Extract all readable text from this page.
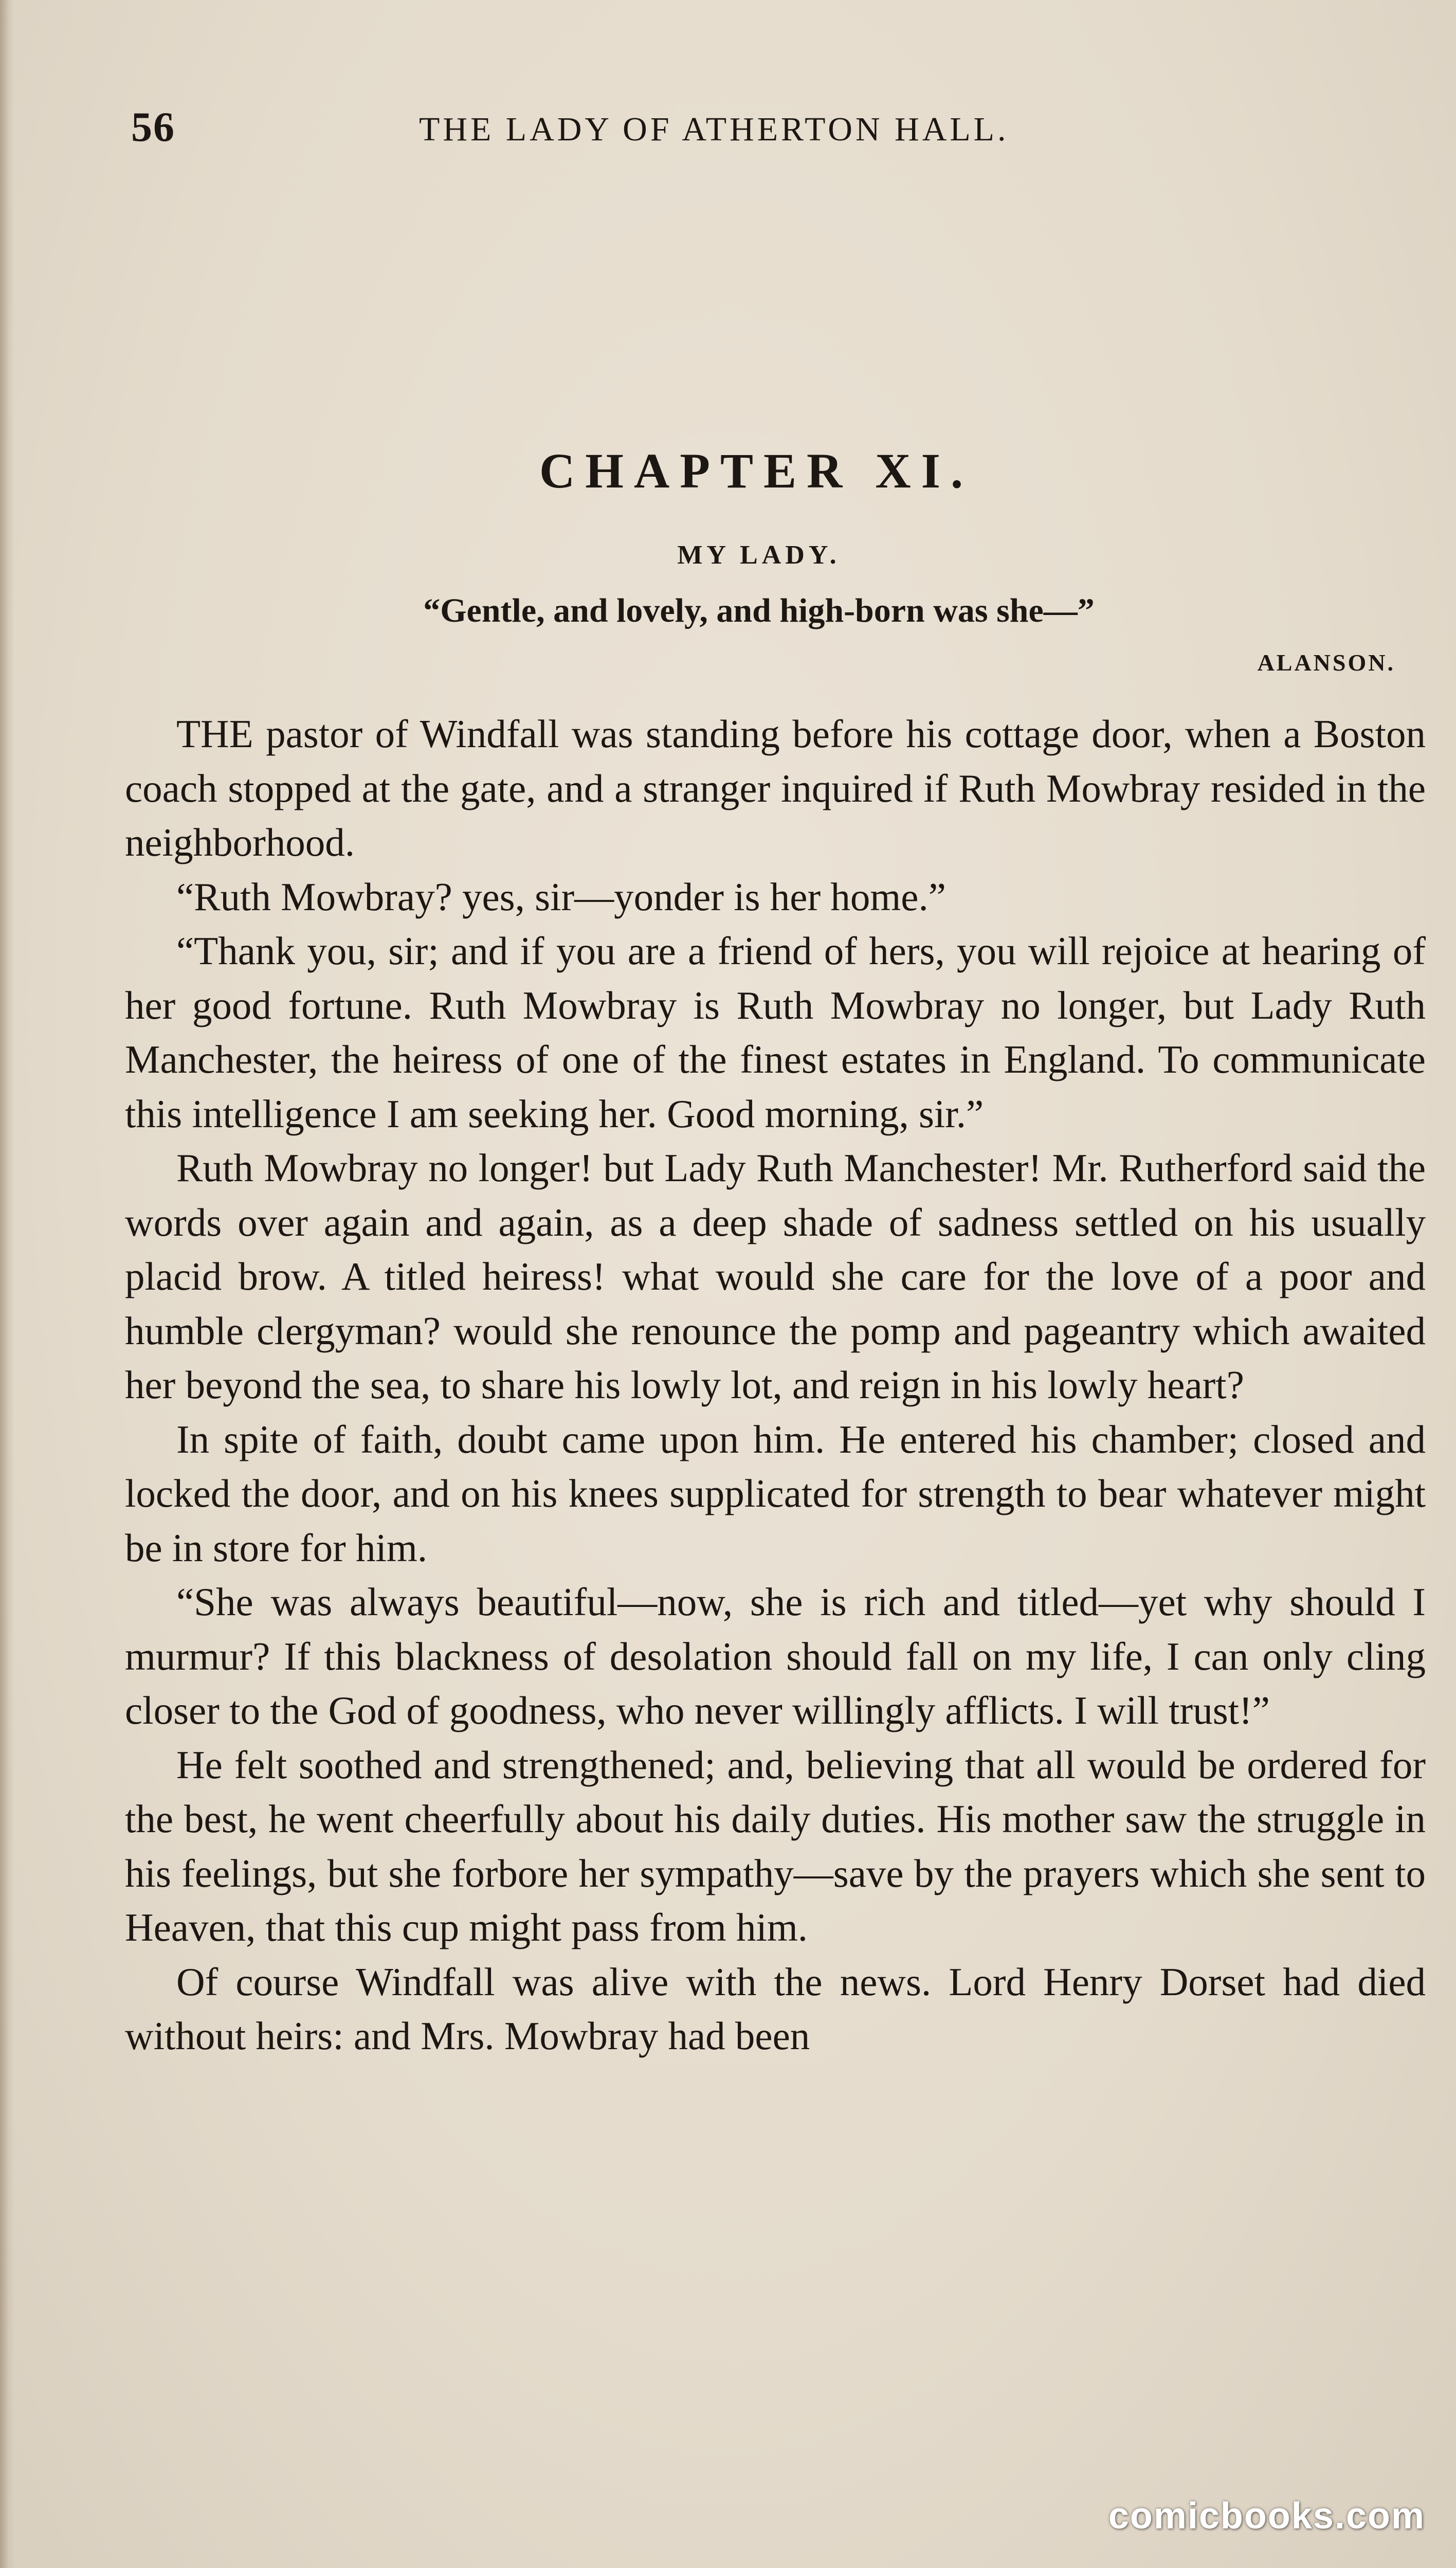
56	THE LADY OF ATHERTON HALL.
CHAPTER XI.
MY LADY.
“Gentle, and lovely, and high-born was she—”
ALANSON.

THE pastor of Windfall was standing before his cottage door, when a Boston coach stopped at the gate, and a stranger inquired if Ruth Mowbray resided in the neighborhood.

“Ruth Mowbray? yes, sir—yonder is her home.”

“Thank you, sir; and if you are a friend of hers, you will rejoice at hearing of her good fortune. Ruth Mowbray is Ruth Mowbray no longer, but Lady Ruth Manchester, the heiress of one of the finest estates in England. To communicate this intelligence I am seeking her. Good morning, sir.”

Ruth Mowbray no longer! but Lady Ruth Manchester! Mr. Rutherford said the words over again and again, as a deep shade of sadness settled on his usually placid brow. A titled heiress! what would she care for the love of a poor and humble clergyman? would she renounce the pomp and pageantry which awaited her beyond the sea, to share his lowly lot, and reign in his lowly heart?

In spite of faith, doubt came upon him. He entered his chamber; closed and locked the door, and on his knees supplicated for strength to bear whatever might be in store for him.

“She was always beautiful—now, she is rich and titled—yet why should I murmur? If this blackness of desolation should fall on my life, I can only cling closer to the God of goodness, who never willingly afflicts. I will trust!”

He felt soothed and strengthened; and, believing that all would be ordered for the best, he went cheerfully about his daily duties. His mother saw the struggle in his feelings, but she forbore her sympathy—save by the prayers which she sent to Heaven, that this cup might pass from him.

Of course Windfall was alive with the news. Lord Henry Dorset had died without heirs: and Mrs. Mowbray had been

comicbooks.com
